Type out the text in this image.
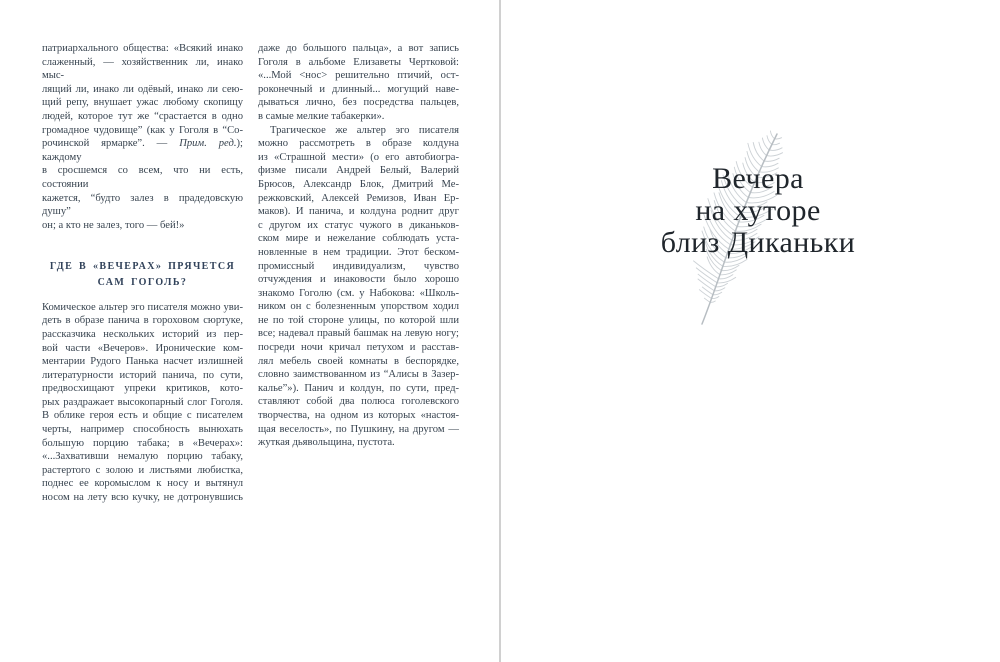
патриархального общества: «Всякий инако
слаженный, — хозяйственник ли, инако мыс-
лящий ли, инако ли одёвый, инако ли сею-
щий репу, внушает ужас любому скопищу
людей, которое тут же “срастается в одно
громадное чудовище” (как у Гоголя в “Со-
рочинской ярмарке”. — Прим. ред.); каждому
в сросшемся со всем, что ни есть, состоянии
кажется, “будто залез в прадедовскую душу”
он; а кто не залез, того — бей!»
ГДЕ В «ВЕЧЕРАХ» ПРЯЧЕТСЯ
САМ ГОГОЛЬ?
Комическое альтер эго писателя можно уви-
деть в образе панича в гороховом сюртуке,
рассказчика нескольких историй из пер-
вой части «Вечеров». Иронические ком-
ментарии Рудого Панька насчет излишней
литературности историй панича, по сути,
предвосхищают упреки критиков, кото-
рых раздражает высокопарный слог Гоголя.
В облике героя есть и общие с писателем
черты, например способность вынюхать
большую порцию табака; в «Вечерах»:
«...Захвативши немалую порцию табаку,
растертого с золою и листьями любистка,
поднес ее коромыслом к носу и вытянул
носом на лету всю кучку, не дотронувшись
даже до большого пальца», а вот запись
Гоголя в альбоме Елизаветы Чертковой:
«...Мой <нос> решительно птичий, ост-
роконечный и длинный... могущий наве-
дываться лично, без посредства пальцев,
в самые мелкие табакерки».
Трагическое же альтер эго писателя
можно рассмотреть в образе колдуна
из «Страшной мести» (о его автобиогра-
физме писали Андрей Белый, Валерий
Брюсов, Александр Блок, Дмитрий Ме-
режковский, Алексей Ремизов, Иван Ер-
маков). И панича, и колдуна роднит друг
с другом их статус чужого в диканьков-
ском мире и нежелание соблюдать уста-
новленные в нем традиции. Этот беском-
промиссный индивидуализм, чувство
отчуждения и инаковости было хорошо
знакомо Гоголю (см. у Набокова: «Школь-
ником он с болезненным упорством ходил
не по той стороне улицы, по которой шли
все; надевал правый башмак на левую ногу;
посреди ночи кричал петухом и расстав-
лял мебель своей комнаты в беспорядке,
словно заимствованном из “Алисы в Зазер-
калье”»). Панич и колдун, по сути, пред-
ставляют собой два полюса гоголевского
творчества, на одном из которых «настоя-
щая веселость», по Пушкину, на другом —
жуткая дьявольщина, пустота.
Вечера
на хуторе
близ Диканьки
